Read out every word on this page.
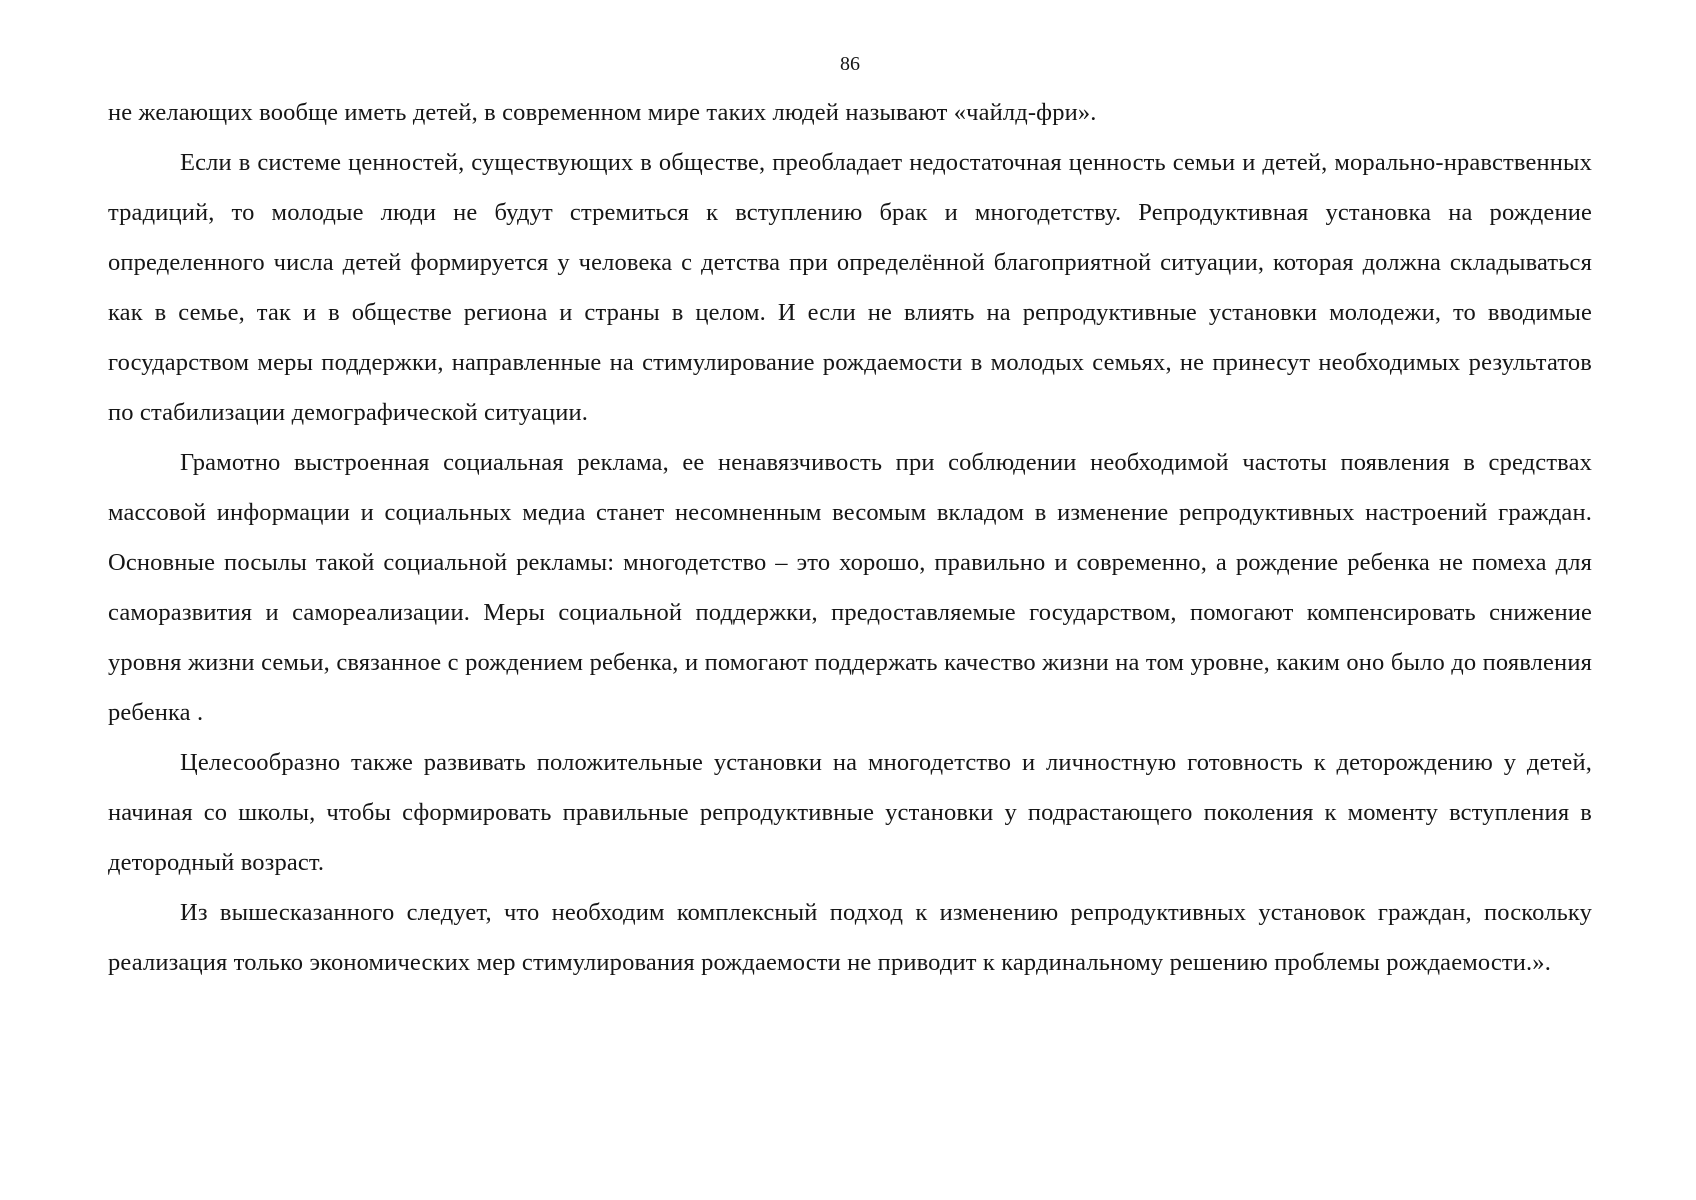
86

не желающих вообще иметь детей, в современном мире таких людей называют «чайлд-фри».

Если в системе ценностей, существующих в обществе, преобладает недостаточная ценность семьи и детей, морально-нравственных традиций, то молодые люди не будут стремиться к вступлению брак и многодетству. Репродуктивная установка на рождение определенного числа детей формируется у человека с детства при определённой благоприятной ситуации, которая должна складываться как в семье, так и в обществе региона и страны в целом. И если не влиять на репродуктивные установки молодежи, то вводимые государством меры поддержки, направленные на стимулирование рождаемости в молодых семьях, не принесут необходимых результатов по стабилизации демографической ситуации.

Грамотно выстроенная социальная реклама, ее ненавязчивость при соблюдении необходимой частоты появления в средствах массовой информации и социальных медиа станет несомненным весомым вкладом в изменение репродуктивных настроений граждан. Основные посылы такой социальной рекламы: многодетство – это хорошо, правильно и современно, а рождение ребенка не помеха для саморазвития и самореализации. Меры социальной поддержки, предоставляемые государством, помогают компенсировать снижение уровня жизни семьи, связанное с рождением ребенка, и помогают поддержать качество жизни на том уровне, каким оно было до появления ребенка .

Целесообразно также развивать положительные установки на многодетство и личностную готовность к деторождению у детей, начиная со школы, чтобы сформировать правильные репродуктивные установки у подрастающего поколения к моменту вступления в детородный возраст.

Из вышесказанного следует, что необходим комплексный подход к изменению репродуктивных установок граждан, поскольку реализация только экономических мер стимулирования рождаемости не приводит к кардинальному решению проблемы рождаемости.».
